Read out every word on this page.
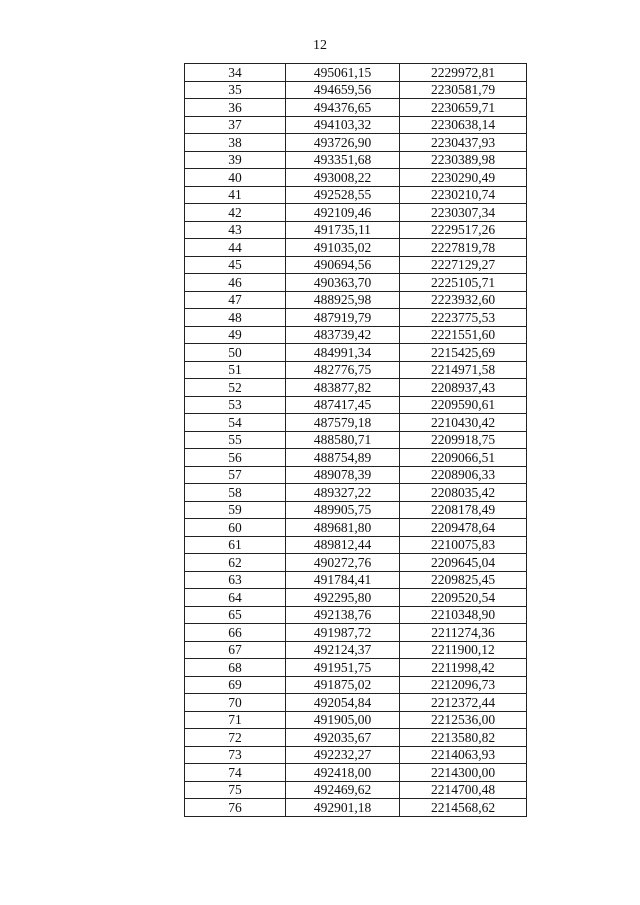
12
34	495061,15	2229972,81
35	494659,56	2230581,79
36	494376,65	2230659,71
37	494103,32	2230638,14
38	493726,90	2230437,93
39	493351,68	2230389,98
40	493008,22	2230290,49
41	492528,55	2230210,74
42	492109,46	2230307,34
43	491735,11	2229517,26
44	491035,02	2227819,78
45	490694,56	2227129,27
46	490363,70	2225105,71
47	488925,98	2223932,60
48	487919,79	2223775,53
49	483739,42	2221551,60
50	484991,34	2215425,69
51	482776,75	2214971,58
52	483877,82	2208937,43
53	487417,45	2209590,61
54	487579,18	2210430,42
55	488580,71	2209918,75
56	488754,89	2209066,51
57	489078,39	2208906,33
58	489327,22	2208035,42
59	489905,75	2208178,49
60	489681,80	2209478,64
61	489812,44	2210075,83
62	490272,76	2209645,04
63	491784,41	2209825,45
64	492295,80	2209520,54
65	492138,76	2210348,90
66	491987,72	2211274,36
67	492124,37	2211900,12
68	491951,75	2211998,42
69	491875,02	2212096,73
70	492054,84	2212372,44
71	491905,00	2212536,00
72	492035,67	2213580,82
73	492232,27	2214063,93
74	492418,00	2214300,00
75	492469,62	2214700,48
76	492901,18	2214568,62
